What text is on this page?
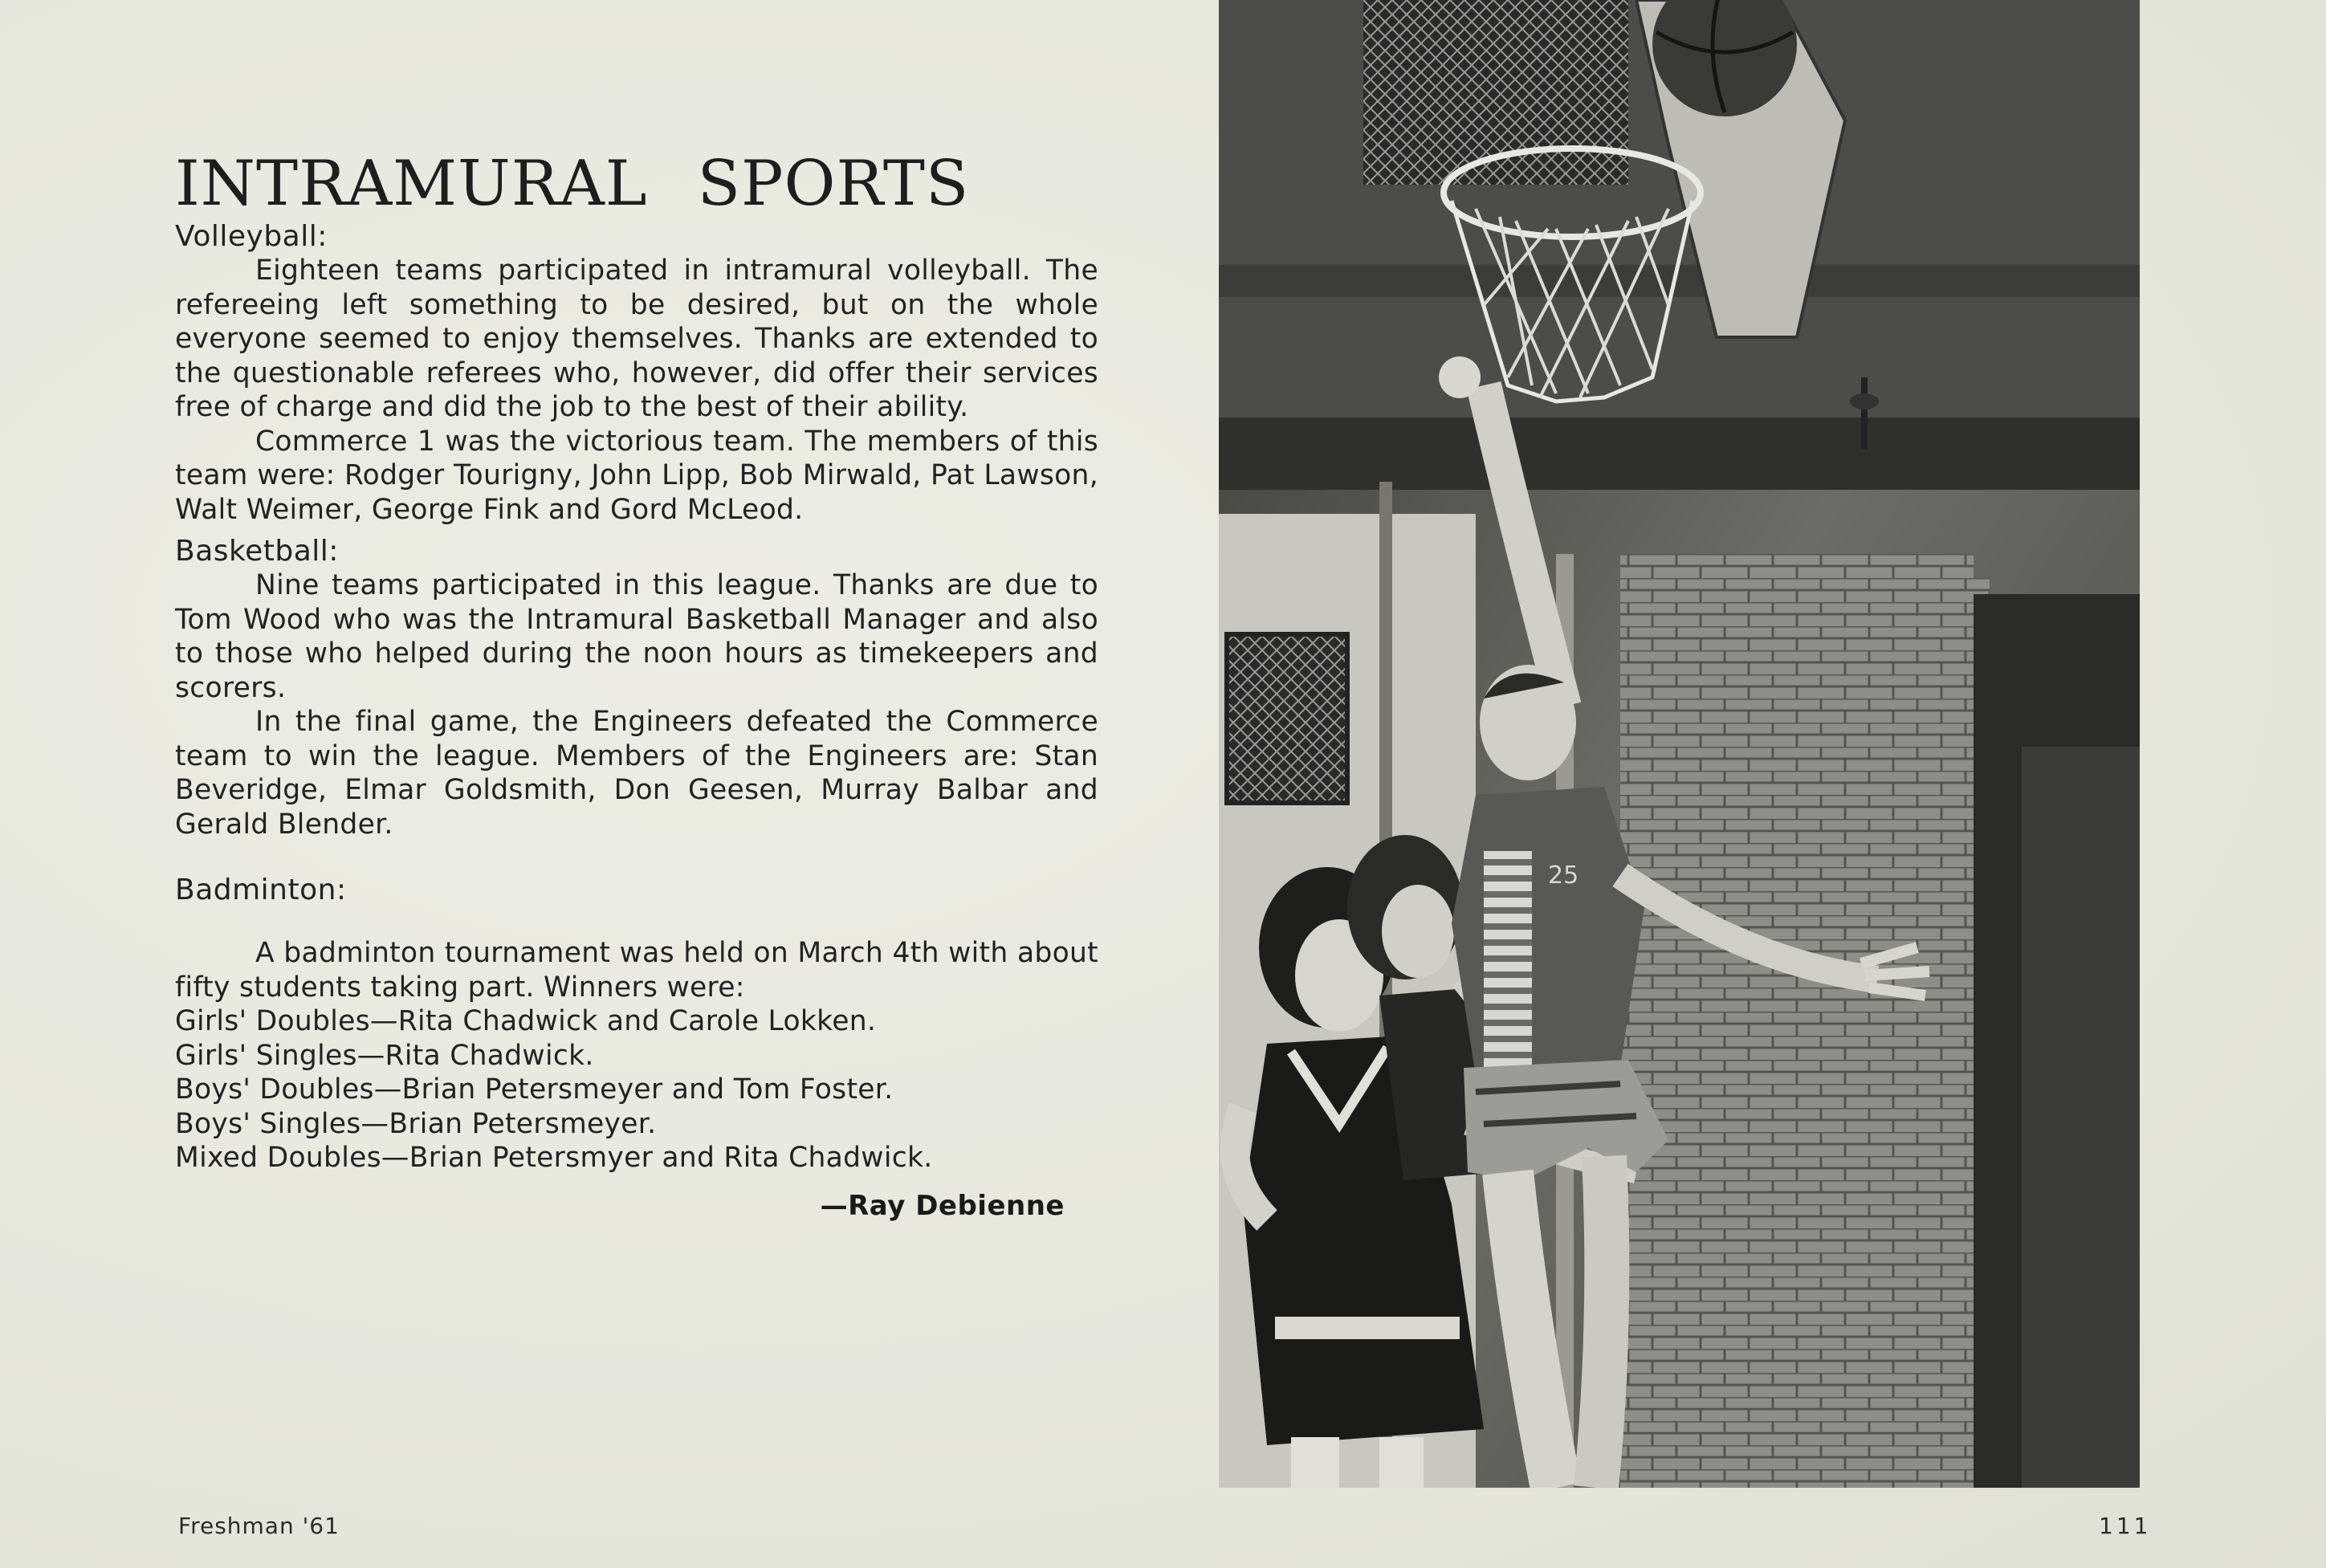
INTRAMURAL SPORTS

Volleyball:

Eighteen teams participated in intramural volleyball. The refereeing left something to be desired, but on the whole everyone seemed to enjoy themselves. Thanks are extended to the questionable referees who, however, did offer their services free of charge and did the job to the best of their ability.

Commerce 1 was the victorious team. The members of this team were: Rodger Tourigny, John Lipp, Bob Mirwald, Pat Lawson, Walt Weimer, George Fink and Gord McLeod.

Basketball:

Nine teams participated in this league. Thanks are due to Tom Wood who was the Intramural Basketball Manager and also to those who helped during the noon hours as timekeepers and scorers.

In the final game, the Engineers defeated the Commerce team to win the league. Members of the Engineers are: Stan Beveridge, Elmar Goldsmith, Don Geesen, Murray Balbar and Gerald Blender.

Badminton:

A badminton tournament was held on March 4th with about fifty students taking part. Winners were:

Girls' Doubles—Rita Chadwick and Carole Lokken.

Girls' Singles—Rita Chadwick.

Boys' Doubles—Brian Petersmeyer and Tom Foster.

Boys' Singles—Brian Petersmeyer.

Mixed Doubles—Brian Petersmyer and Rita Chadwick.

—Ray Debienne

25
Freshman '61	111
